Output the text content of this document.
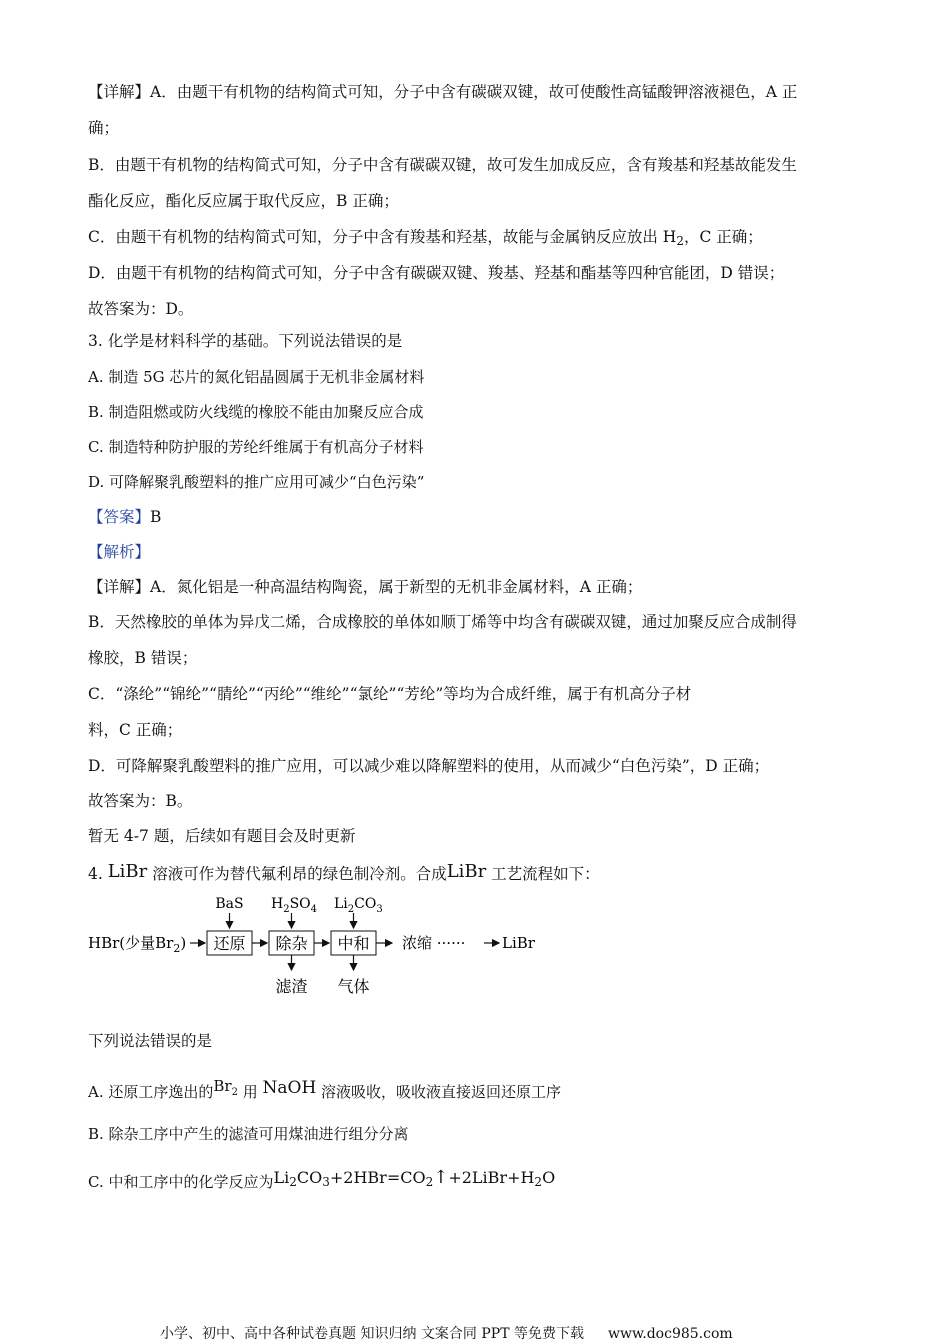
【详解】A．由题干有机物的结构简式可知，分子中含有碳碳双键，故可使酸性高锰酸钾溶液褪色，A 正
确；
B．由题干有机物的结构简式可知，分子中含有碳碳双键，故可发生加成反应，含有羧基和羟基故能发生
酯化反应，酯化反应属于取代反应，B 正确；
C．由题干有机物的结构简式可知，分子中含有羧基和羟基，故能与金属钠反应放出 H2，C 正确；
D．由题干有机物的结构简式可知，分子中含有碳碳双键、羧基、羟基和酯基等四种官能团，D 错误；
故答案为：D。
3. 化学是材料科学的基础。下列说法错误的是
A. 制造 5G 芯片的氮化铝晶圆属于无机非金属材料
B. 制造阻燃或防火线缆的橡胶不能由加聚反应合成
C. 制造特种防护服的芳纶纤维属于有机高分子材料
D. 可降解聚乳酸塑料的推广应用可减少“白色污染”
【答案】B
【解析】
【详解】A．氮化铝是一种高温结构陶瓷，属于新型的无机非金属材料，A 正确；
B．天然橡胶的单体为异戊二烯，合成橡胶的单体如顺丁烯等中均含有碳碳双键，通过加聚反应合成制得
橡胶，B 错误；
C．“涤纶”“锦纶”“腈纶”“丙纶”“维纶”“氯纶”“芳纶”等均为合成纤维，属于有机高分子材
料，C 正确；
D．可降解聚乳酸塑料的推广应用，可以减少难以降解塑料的使用，从而减少“白色污染”，D 正确；
故答案为：B。
暂无 4-7 题，后续如有题目会及时更新
4. LiBr 溶液可作为替代氟利昂的绿色制冷剂。合成LiBr 工艺流程如下：
HBr(少量$Br_2$) 还原 除杂 中和 浓缩 ······ LiBr
BaS $H_2SO_4$ $Li_2CO_3$
滤渣 气体
下列说法错误的是
A. 还原工序逸出的Br$^2$ 用 NaOH 溶液吸收，吸收液直接返回还原工序
B. 除杂工序中产生的滤渣可用煤油进行组分分离
C. 中和工序中的化学反应为Li2CO3+2HBr=CO2↑+2LiBr+H2O
小学、初中、高中各种试卷真题 知识归纳 文案合同 PPT 等免费下载 www.doc985.com
